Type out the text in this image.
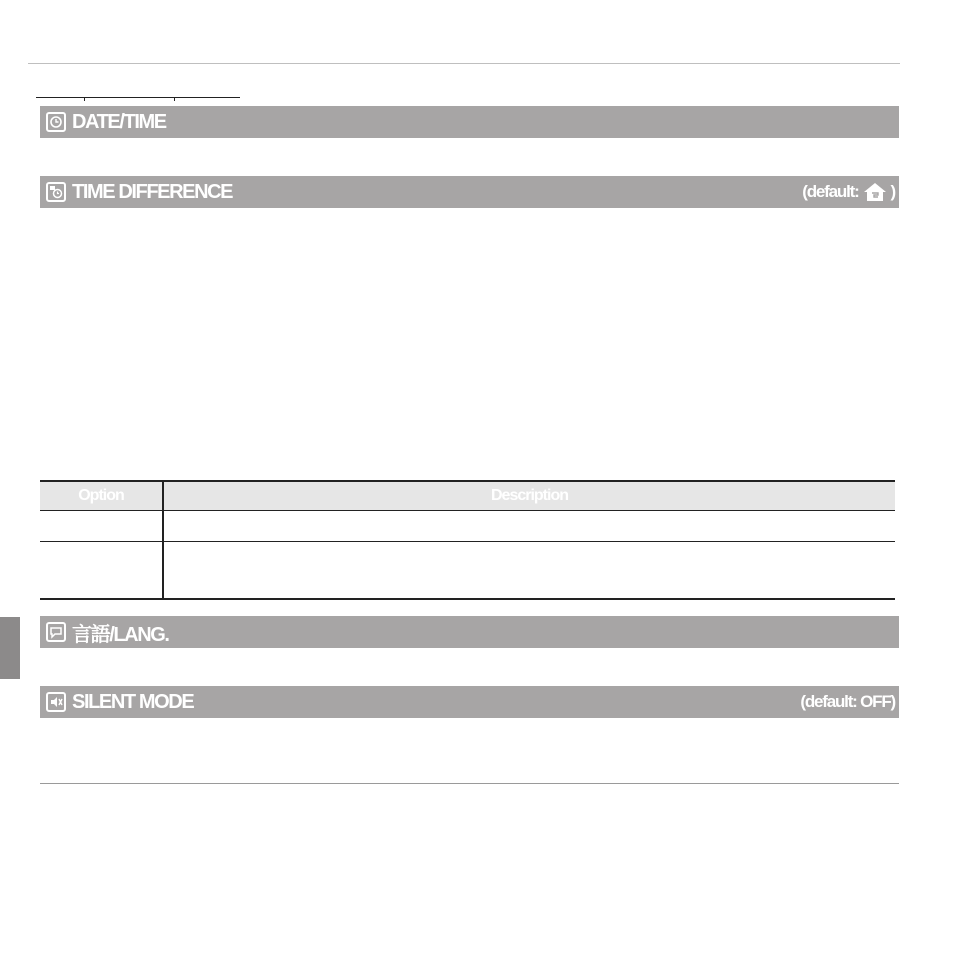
DATE/TIME
TIME DIFFERENCE	(default: )
Option	Description

言語/LANG.
SILENT MODE	(default: OFF)
